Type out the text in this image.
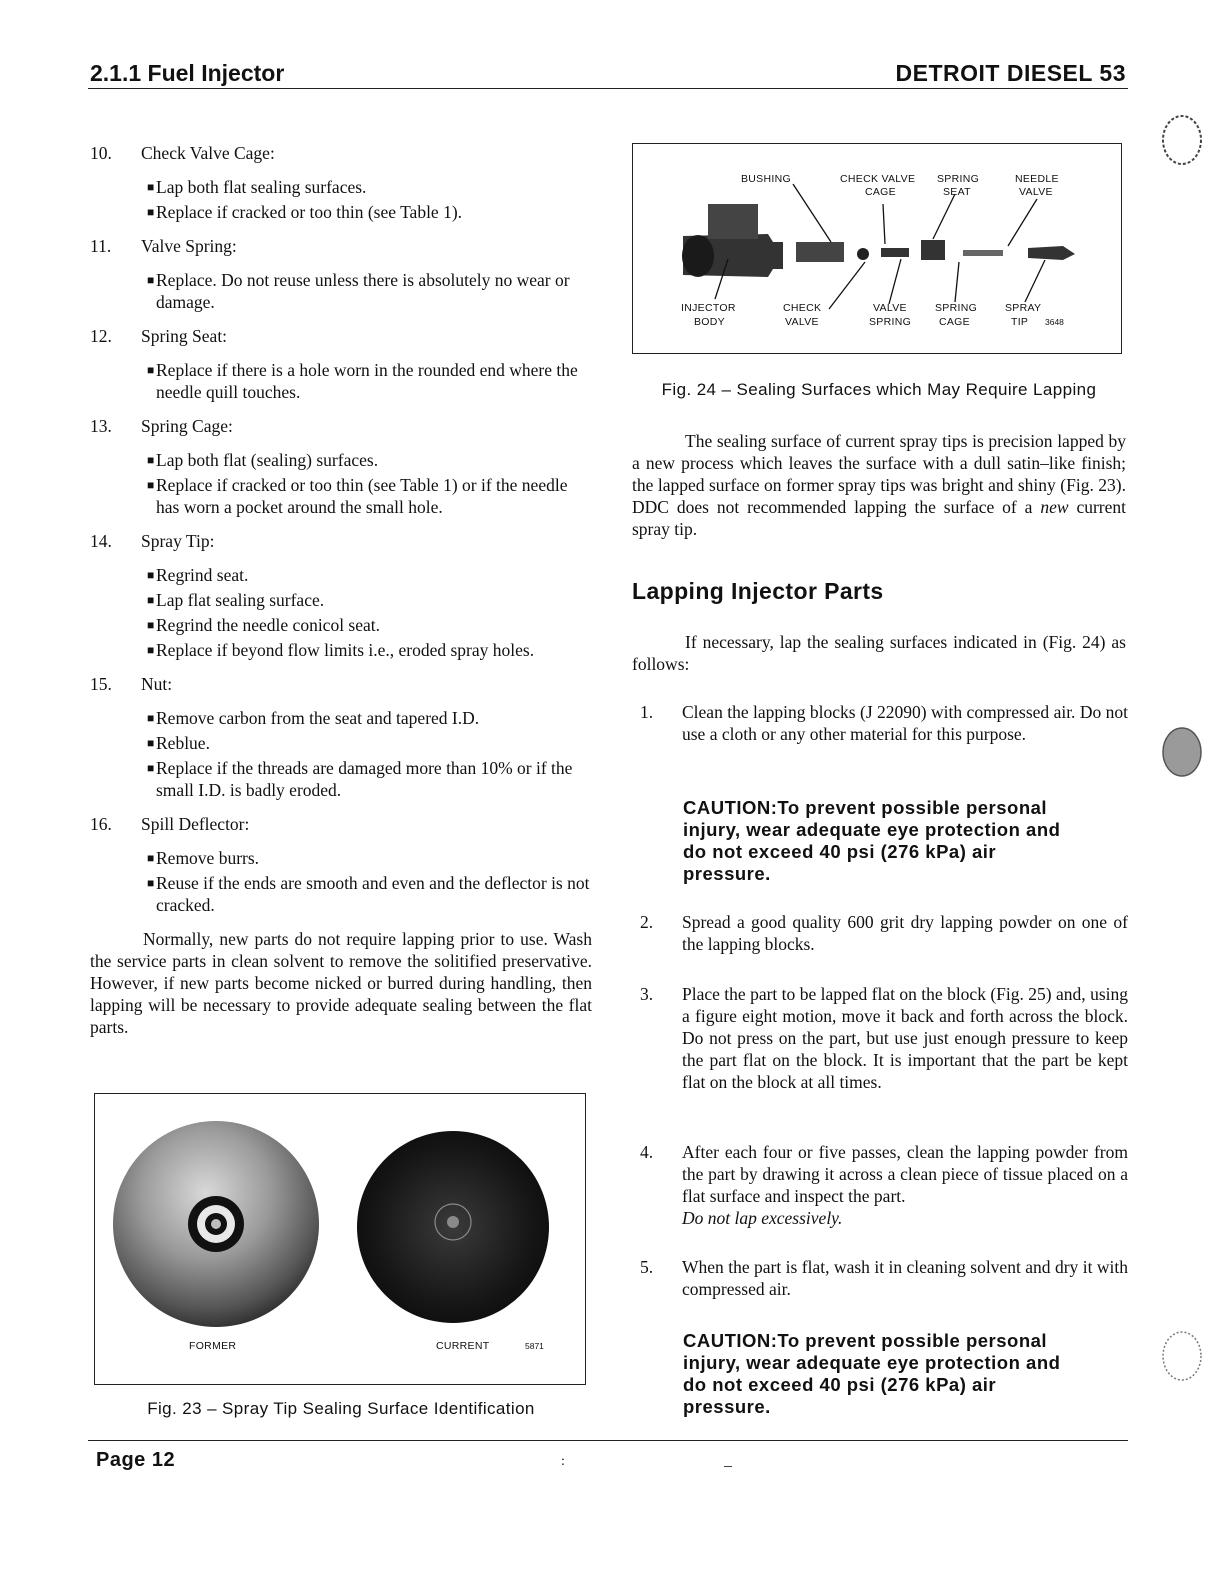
2.1.1 Fuel Injector	DETROIT DIESEL 53
10. Check Valve Cage:
■ Lap both flat sealing surfaces.
■ Replace if cracked or too thin (see Table 1).
11. Valve Spring:
■ Replace. Do not reuse unless there is absolutely no wear or damage.
12. Spring Seat:
■ Replace if there is a hole worn in the rounded end where the needle quill touches.
13. Spring Cage:
■ Lap both flat (sealing) surfaces.
■ Replace if cracked or too thin (see Table 1) or if the needle has worn a pocket around the small hole.
14. Spray Tip:
■ Regrind seat.
■ Lap flat sealing surface.
■ Regrind the needle conicol seat.
■ Replace if beyond flow limits i.e., eroded spray holes.
15. Nut:
■ Remove carbon from the seat and tapered I.D.
■ Reblue.
■ Replace if the threads are damaged more than 10% or if the small I.D. is badly eroded.
16. Spill Deflector:
■ Remove burrs.
■ Reuse if the ends are smooth and even and the deflector is not cracked.

Normally, new parts do not require lapping prior to use. Wash the service parts in clean solvent to remove the solitified preservative. However, if new parts become nicked or burred during handling, then lapping will be necessary to provide adequate sealing between the flat parts.

FORMER	CURRENT	5871
Fig. 23 – Spray Tip Sealing Surface Identification
BUSHING	CHECK VALVE
CAGE
SPRING
SEAT
NEEDLE
VALVE
INJECTOR
BODY
CHECK
VALVE
VALVE
SPRING
SPRING
CAGE
SPRAY
TIP 3648
Fig. 24 – Sealing Surfaces which May Require Lapping

The sealing surface of current spray tips is precision lapped by a new process which leaves the surface with a dull satin–like finish; the lapped surface on former spray tips was bright and shiny (Fig. 23). DDC does not recommended lapping the surface of a new current spray tip.

Lapping Injector Parts

If necessary, lap the sealing surfaces indicated in (Fig. 24) as follows:

1. Clean the lapping blocks (J 22090) with compressed air. Do not use a cloth or any other material for this purpose.
CAUTION:To prevent possible personal injury, wear adequate eye protection and do not exceed 40 psi (276 kPa) air pressure.
2. Spread a good quality 600 grit dry lapping powder on one of the lapping blocks.
3. Place the part to be lapped flat on the block (Fig. 25) and, using a figure eight motion, move it back and forth across the block. Do not press on the part, but use just enough pressure to keep the part flat on the block. It is important that the part be kept flat on the block at all times.
4. After each four or five passes, clean the lapping powder from the part by drawing it across a clean piece of tissue placed on a flat surface and inspect the part.
Do not lap excessively.
5. When the part is flat, wash it in cleaning solvent and dry it with compressed air.
CAUTION:To prevent possible personal injury, wear adequate eye protection and do not exceed 40 psi (276 kPa) air pressure.
Page 12	:
